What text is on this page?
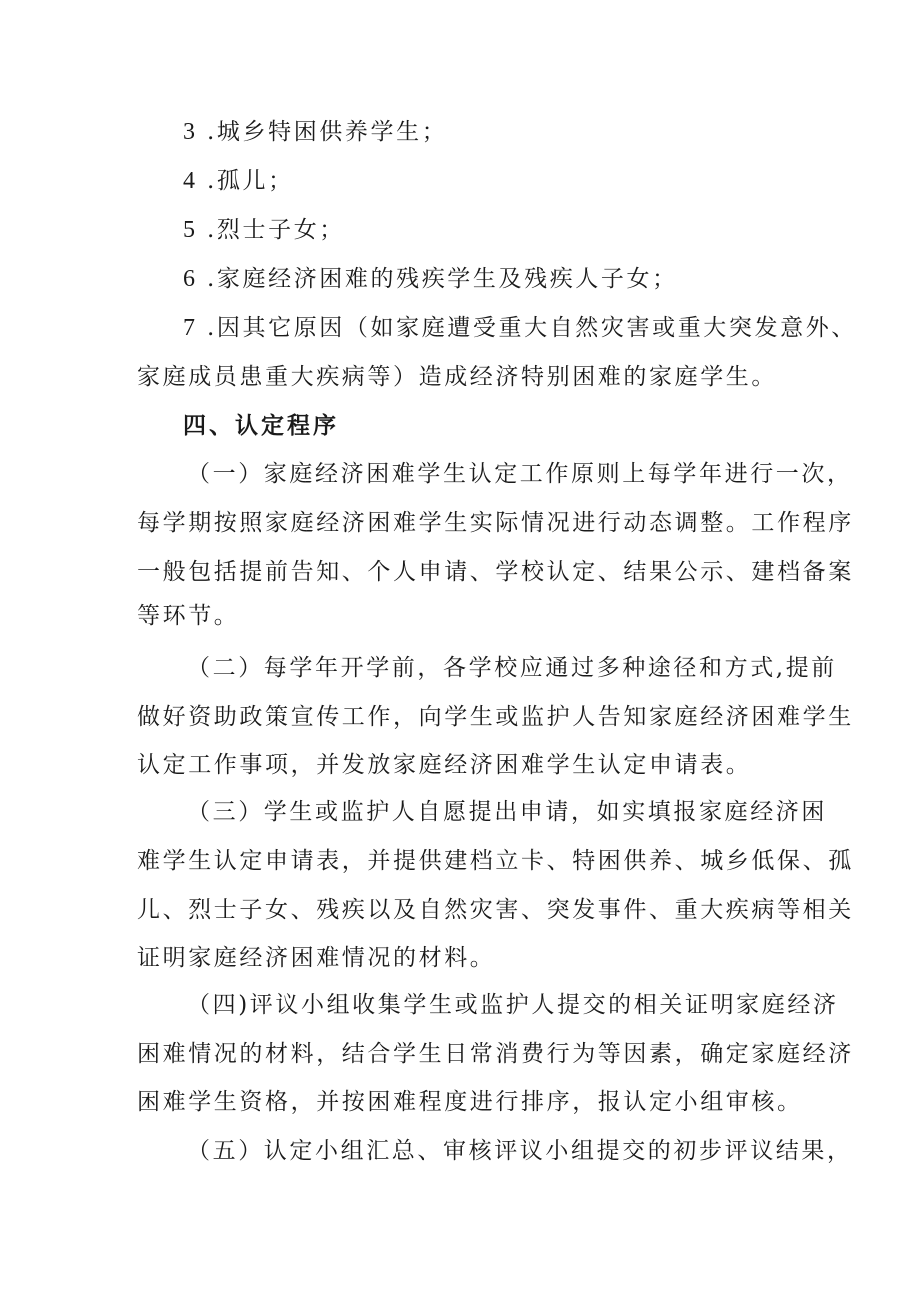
3 .城乡特困供养学生；
4 .孤儿；
5 .烈士子女；
6 .家庭经济困难的残疾学生及残疾人子女；
7 .因其它原因（如家庭遭受重大自然灾害或重大突发意外、
家庭成员患重大疾病等）造成经济特别困难的家庭学生。
四、认定程序
（一）家庭经济困难学生认定工作原则上每学年进行一次，
每学期按照家庭经济困难学生实际情况进行动态调整。工作程序
一般包括提前告知、个人申请、学校认定、结果公示、建档备案
等环节。
（二）每学年开学前，各学校应通过多种途径和方式,提前
做好资助政策宣传工作，向学生或监护人告知家庭经济困难学生
认定工作事项，并发放家庭经济困难学生认定申请表。
（三）学生或监护人自愿提出申请，如实填报家庭经济困
难学生认定申请表，并提供建档立卡、特困供养、城乡低保、孤
儿、烈士子女、残疾以及自然灾害、突发事件、重大疾病等相关
证明家庭经济困难情况的材料。
（四)评议小组收集学生或监护人提交的相关证明家庭经济
困难情况的材料，结合学生日常消费行为等因素，确定家庭经济
困难学生资格，并按困难程度进行排序，报认定小组审核。
（五）认定小组汇总、审核评议小组提交的初步评议结果，
